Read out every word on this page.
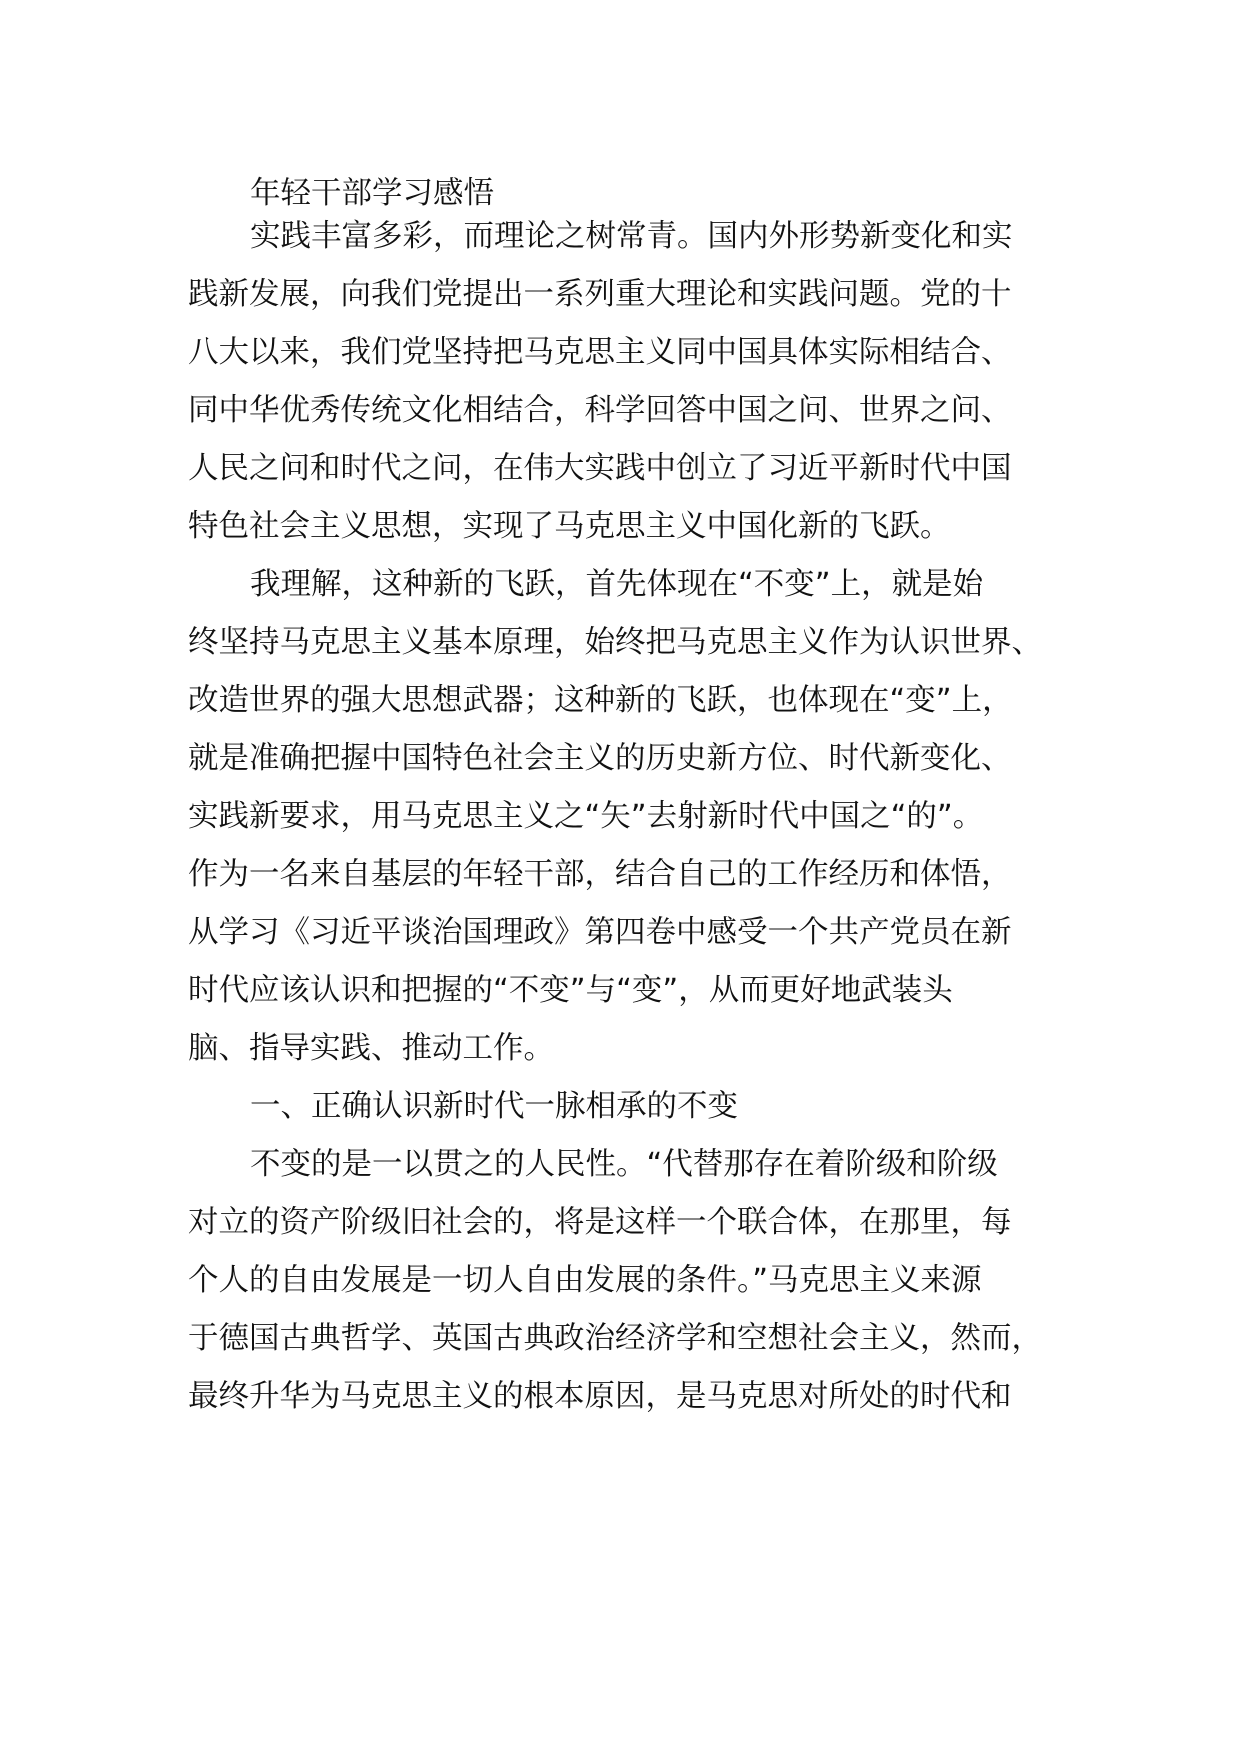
年轻干部学习感悟

实践丰富多彩，而理论之树常青。国内外形势新变化和实

践新发展，向我们党提出一系列重大理论和实践问题。党的十

八大以来，我们党坚持把马克思主义同中国具体实际相结合、

同中华优秀传统文化相结合，科学回答中国之问、世界之问、

人民之问和时代之问，在伟大实践中创立了习近平新时代中国

特色社会主义思想，实现了马克思主义中国化新的飞跃。

我理解，这种新的飞跃，首先体现在“不变”上，就是始

终坚持马克思主义基本原理，始终把马克思主义作为认识世界、

改造世界的强大思想武器；这种新的飞跃，也体现在“变”上，

就是准确把握中国特色社会主义的历史新方位、时代新变化、

实践新要求，用马克思主义之“矢”去射新时代中国之“的”。

作为一名来自基层的年轻干部，结合自己的工作经历和体悟，

从学习《习近平谈治国理政》第四卷中感受一个共产党员在新

时代应该认识和把握的“不变”与“变”，从而更好地武装头

脑、指导实践、推动工作。

一、正确认识新时代一脉相承的不变

不变的是一以贯之的人民性。“代替那存在着阶级和阶级

对立的资产阶级旧社会的，将是这样一个联合体，在那里，每

个人的自由发展是一切人自由发展的条件。”马克思主义来源

于德国古典哲学、英国古典政治经济学和空想社会主义，然而，

最终升华为马克思主义的根本原因，是马克思对所处的时代和
